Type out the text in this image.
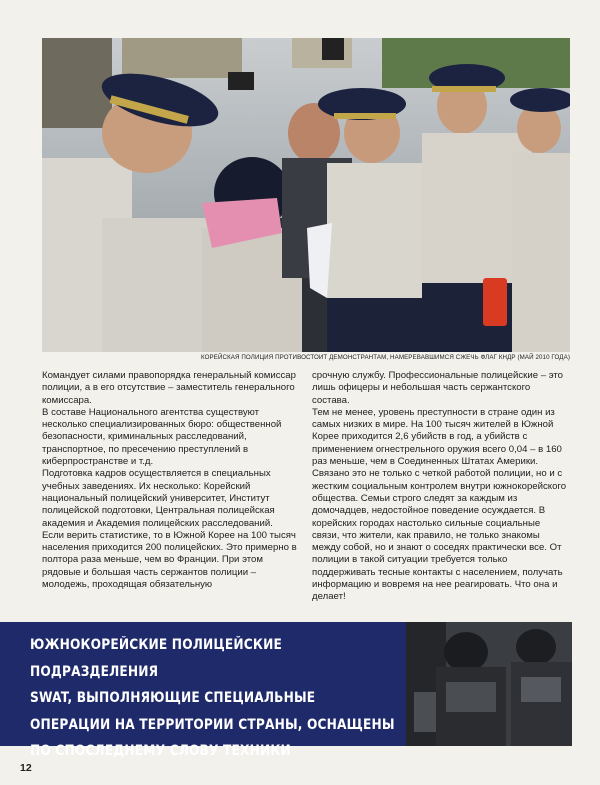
КОРЕЙСКАЯ ПОЛИЦИЯ ПРОТИВОСТОИТ ДЕМОНСТРАНТАМ, НАМЕРЕВАВШИМСЯ СЖЕЧЬ ФЛАГ КНДР (МАЙ 2010 ГОДА)

Командует силами правопорядка генеральный комиссар полиции, а в его отсутствие – заместитель генерального комиссара.

В составе Национального агентства существуют несколько специализированных бюро: общественной безопасности, криминальных расследований, транспортное, по пресечению преступлений в киберпространстве и т.д.

Подготовка кадров осуществляется в специальных учебных заведениях. Их несколько: Корейский национальный полицейский университет, Институт полицейской подготовки, Центральная полицейская академия и Академия полицейских расследований.

Если верить статистике, то в Южной Корее на 100 тысяч населения приходится 200 полицейских. Это примерно в полтора раза меньше, чем во Франции. При этом рядовые и большая часть сержантов полиции – молодежь, проходящая обязательную

срочную службу. Профессиональные полицейские – это лишь офицеры и небольшая часть сержантского состава.

Тем не менее, уровень преступности в стране один из самых низких в мире. На 100 тысяч жителей в Южной Корее приходится 2,6 убийств в год, а убийств с применением огнестрельного оружия всего 0,04 – в 160 раз меньше, чем в Соединенных Штатах Америки. Связано это не только с четкой работой полиции, но и с жестким социальным контролем внутри южнокорейского общества. Семьи строго следят за каждым из домочадцев, недостойное поведение осуждается. В корейских городах настолько сильные социальные связи, что жители, как правило, не только знакомы между собой, но и знают о соседях практически все. От полиции в такой ситуации требуется только поддерживать тесные контакты с населением, получать информацию и вовремя на нее реагировать. Что она и делает!

ЮЖНОКОРЕЙСКИЕ ПОЛИЦЕЙСКИЕ ПОДРАЗДЕЛЕНИЯ
SWAT, ВЫПОЛНЯЮЩИЕ СПЕЦИАЛЬНЫЕ
ОПЕРАЦИИ НА ТЕРРИТОРИИ СТРАНЫ, ОСНАЩЕНЫ
ПО СПОСЛЕДНЕМУ СЛОВУ ТЕХНИКИ
12
